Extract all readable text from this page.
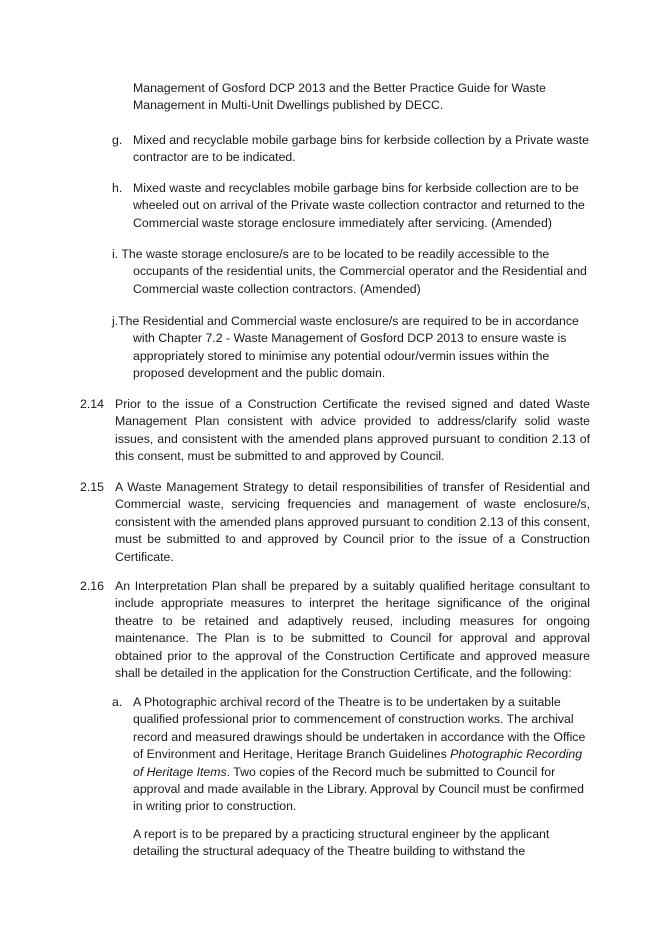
Management of Gosford DCP 2013 and the Better Practice Guide for Waste Management in Multi-Unit Dwellings published by DECC.
g. Mixed and recyclable mobile garbage bins for kerbside collection by a Private waste contractor are to be indicated.
h. Mixed waste and recyclables mobile garbage bins for kerbside collection are to be wheeled out on arrival of the Private waste collection contractor and returned to the Commercial waste storage enclosure immediately after servicing. (Amended)
i. The waste storage enclosure/s are to be located to be readily accessible to the occupants of the residential units, the Commercial operator and the Residential and Commercial waste collection contractors. (Amended)
j.The Residential and Commercial waste enclosure/s are required to be in accordance with Chapter 7.2 - Waste Management of Gosford DCP 2013 to ensure waste is appropriately stored to minimise any potential odour/vermin issues within the proposed development and the public domain.
2.14 Prior to the issue of a Construction Certificate the revised signed and dated Waste Management Plan consistent with advice provided to address/clarify solid waste issues, and consistent with the amended plans approved pursuant to condition 2.13 of this consent, must be submitted to and approved by Council.
2.15 A Waste Management Strategy to detail responsibilities of transfer of Residential and Commercial waste, servicing frequencies and management of waste enclosure/s, consistent with the amended plans approved pursuant to condition 2.13 of this consent, must be submitted to and approved by Council prior to the issue of a Construction Certificate.
2.16 An Interpretation Plan shall be prepared by a suitably qualified heritage consultant to include appropriate measures to interpret the heritage significance of the original theatre to be retained and adaptively reused, including measures for ongoing maintenance. The Plan is to be submitted to Council for approval and approval obtained prior to the approval of the Construction Certificate and approved measure shall be detailed in the application for the Construction Certificate, and the following:
a. A Photographic archival record of the Theatre is to be undertaken by a suitable qualified professional prior to commencement of construction works. The archival record and measured drawings should be undertaken in accordance with the Office of Environment and Heritage, Heritage Branch Guidelines Photographic Recording of Heritage Items. Two copies of the Record much be submitted to Council for approval and made available in the Library. Approval by Council must be confirmed in writing prior to construction.
A report is to be prepared by a practicing structural engineer by the applicant detailing the structural adequacy of the Theatre building to withstand the
